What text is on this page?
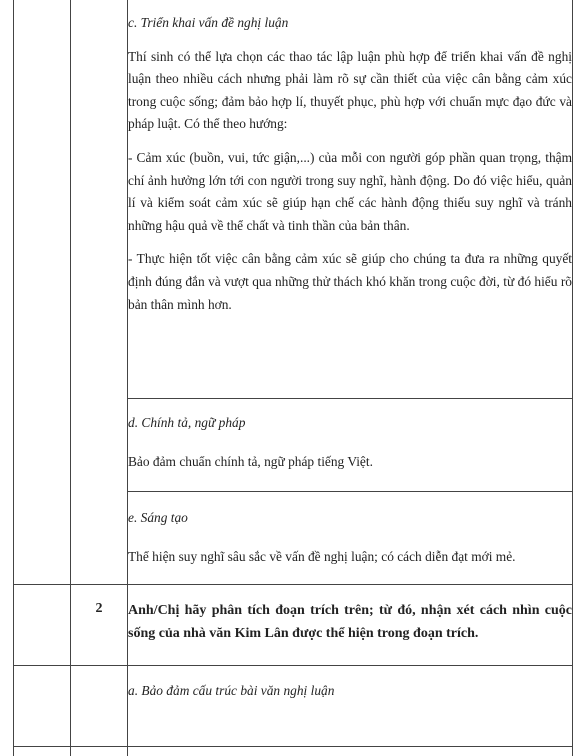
c. Triển khai vấn đề nghị luận

Thí sinh có thể lựa chọn các thao tác lập luận phù hợp để triển khai vấn đề nghị luận theo nhiều cách nhưng phải làm rõ sự cần thiết của việc cân bằng cảm xúc trong cuộc sống; đảm bảo hợp lí, thuyết phục, phù hợp với chuẩn mực đạo đức và pháp luật. Có thể theo hướng:

- Cảm xúc (buồn, vui, tức giận,...) của mỗi con người góp phần quan trọng, thậm chí ảnh hưởng lớn tới con người trong suy nghĩ, hành động. Do đó việc hiểu, quản lí và kiểm soát cảm xúc sẽ giúp hạn chế các hành động thiếu suy nghĩ và tránh những hậu quả về thể chất và tinh thần của bản thân.

- Thực hiện tốt việc cân bằng cảm xúc sẽ giúp cho chúng ta đưa ra những quyết định đúng đắn và vượt qua những thử thách khó khăn trong cuộc đời, từ đó hiểu rõ bản thân mình hơn.

d. Chính tả, ngữ pháp

Bảo đảm chuẩn chính tả, ngữ pháp tiếng Việt.

e. Sáng tạo

Thể hiện suy nghĩ sâu sắc về vấn đề nghị luận; có cách diễn đạt mới mẻ.

2	Anh/Chị hãy phân tích đoạn trích trên; từ đó, nhận xét cách nhìn cuộc sống của nhà văn Kim Lân được thể hiện trong đoạn trích.
a. Bảo đảm cấu trúc bài văn nghị luận
